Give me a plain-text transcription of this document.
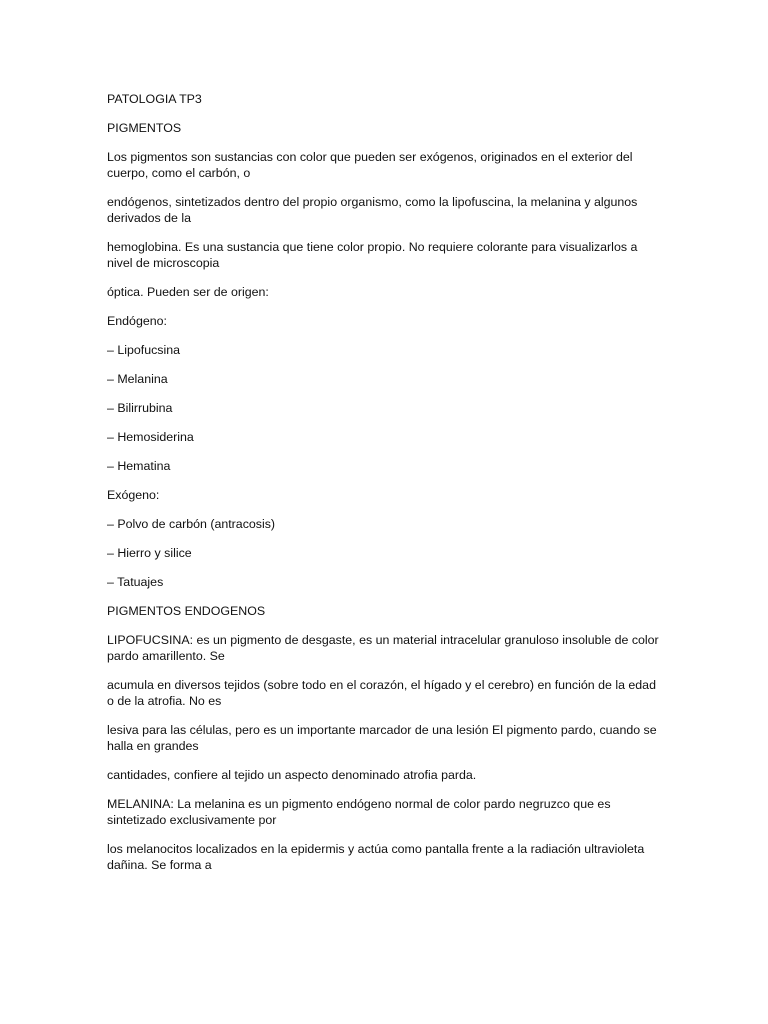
PATOLOGIA TP3

PIGMENTOS

Los pigmentos son sustancias con color que pueden ser exógenos, originados en el exterior del cuerpo, como el carbón, o

endógenos, sintetizados dentro del propio organismo, como la lipofuscina, la melanina y algunos derivados de la

hemoglobina. Es una sustancia que tiene color propio. No requiere colorante para visualizarlos a nivel de microscopia

óptica. Pueden ser de origen:

Endógeno:

– Lipofucsina

– Melanina

– Bilirrubina

– Hemosiderina

– Hematina

Exógeno:

– Polvo de carbón (antracosis)

– Hierro y silice

– Tatuajes

PIGMENTOS ENDOGENOS

LIPOFUCSINA: es un pigmento de desgaste, es un material intracelular granuloso insoluble de color pardo amarillento. Se

acumula en diversos tejidos (sobre todo en el corazón, el hígado y el cerebro) en función de la edad o de la atrofia. No es

lesiva para las células, pero es un importante marcador de una lesión El pigmento pardo, cuando se halla en grandes

cantidades, confiere al tejido un aspecto denominado atrofia parda.

MELANINA: La melanina es un pigmento endógeno normal de color pardo negruzco que es sintetizado exclusivamente por

los melanocitos localizados en la epidermis y actúa como pantalla frente a la radiación ultravioleta dañina. Se forma a
